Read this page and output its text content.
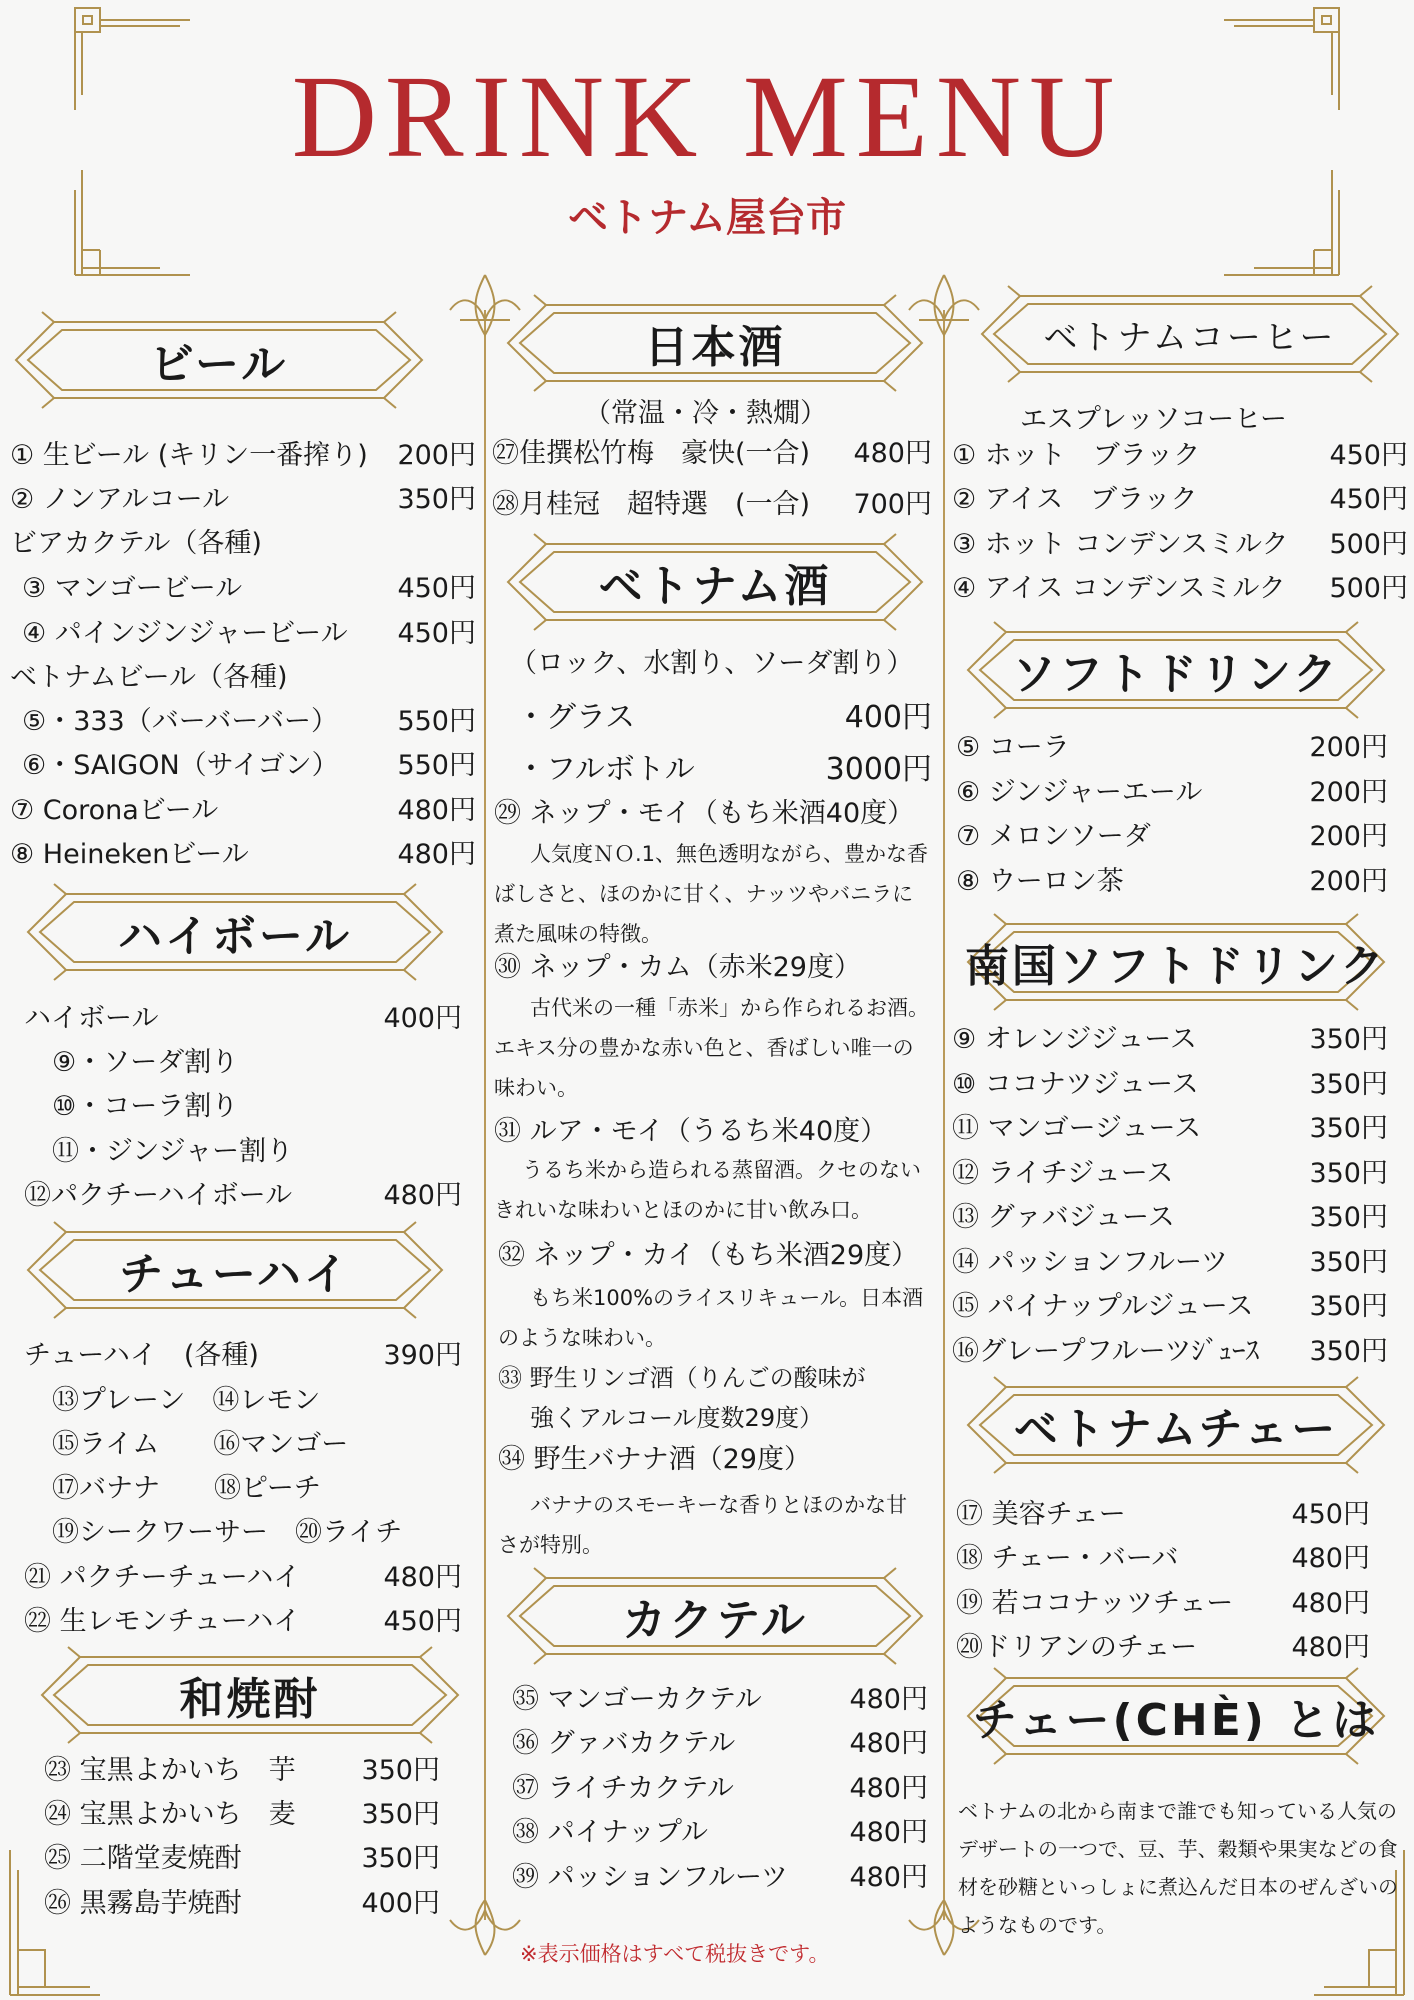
DRINK MENU
ベトナム屋台市
ビール
ハイボール
チューハイ
和焼酎
日本酒
ベトナム酒
カクテル
ベトナムコーヒー
ソフトドリンク
南国ソフトドリンク
ベトナムチェー
チェー(CHÈ) とは
① 生ビール (キリン一番搾り)	200円
② ノンアルコール	350円
ビアカクテル（各種)
③ マンゴービール	450円
④ パインジンジャービール	450円
ベトナムビール（各種)
⑤・333（バーバーバー）	550円
⑥・SAIGON（サイゴン）	550円
⑦ Coronaビール	480円
⑧ Heinekenビール	480円
ハイボール	400円
⑨・ソーダ割り
⑩・コーラ割り
⑪・ジンジャー割り
⑫パクチーハイボール	480円
チューハイ　(各種)	390円
⑬プレーン　⑭レモン
⑮ライム　　⑯マンゴー
⑰バナナ　　⑱ピーチ
⑲シークワーサー　⑳ライチ
㉑ パクチーチューハイ	480円
㉒ 生レモンチューハイ	450円
㉓ 宝黒よかいち　芋	350円
㉔ 宝黒よかいち　麦	350円
㉕ 二階堂麦焼酎	350円
㉖ 黒霧島芋焼酎	400円
（常温・冷・熱燗）
㉗佳撰松竹梅　豪快(一合)	480円
㉘月桂冠　超特選　(一合)	700円
（ロック、水割り、ソーダ割り）
・グラス	400円
・フルボトル	3000円
㉙ ネップ・モイ（もち米酒40度）
人気度ＮＯ.1、無色透明ながら、豊かな香ばしさと、ほのかに甘く、ナッツやバニラに煮た風味の特徴。
㉚ ネップ・カム（赤米29度）
古代米の一種「赤米」から作られるお酒。エキス分の豊かな赤い色と、香ばしい唯一の味わい。
㉛ ルア・モイ（うるち米40度）
うるち米から造られる蒸留酒。クセのないきれいな味わいとほのかに甘い飲み口。
㉜ ネップ・カイ（もち米酒29度）
もち米100%のライスリキュール。日本酒のような味わい。
㉝ 野生リンゴ酒（りんごの酸味が
強くアルコール度数29度）
㉞ 野生バナナ酒（29度）
バナナのスモーキーな香りとほのかな甘さが特別。
㉟ マンゴーカクテル	480円
㊱ グァバカクテル	480円
㊲ ライチカクテル	480円
㊳ パイナップル	480円
㊴ パッションフルーツ	480円
※表示価格はすべて税抜きです。
エスプレッソコーヒー
① ホット　ブラック	450円
② アイス　ブラック	450円
③ ホット コンデンスミルク	500円
④ アイス コンデンスミルク	500円
⑤ コーラ	200円
⑥ ジンジャーエール	200円
⑦ メロンソーダ	200円
⑧ ウーロン茶	200円
⑨ オレンジジュース	350円
⑩ ココナツジュース	350円
⑪ マンゴージュース	350円
⑫ ライチジュース	350円
⑬ グァバジュース	350円
⑭ パッションフルーツ	350円
⑮ パイナップルジュース	350円
⑯グレープフルーツｼﾞｭｰｽ	350円
⑰ 美容チェー	450円
⑱ チェー・バーバ	480円
⑲ 若ココナッツチェー	480円
⑳ドリアンのチェー	480円
ベトナムの北から南まで誰でも知っている人気のデザートの一つで、豆、芋、穀類や果実などの食材を砂糖といっしょに煮込んだ日本のぜんざいのようなものです。
